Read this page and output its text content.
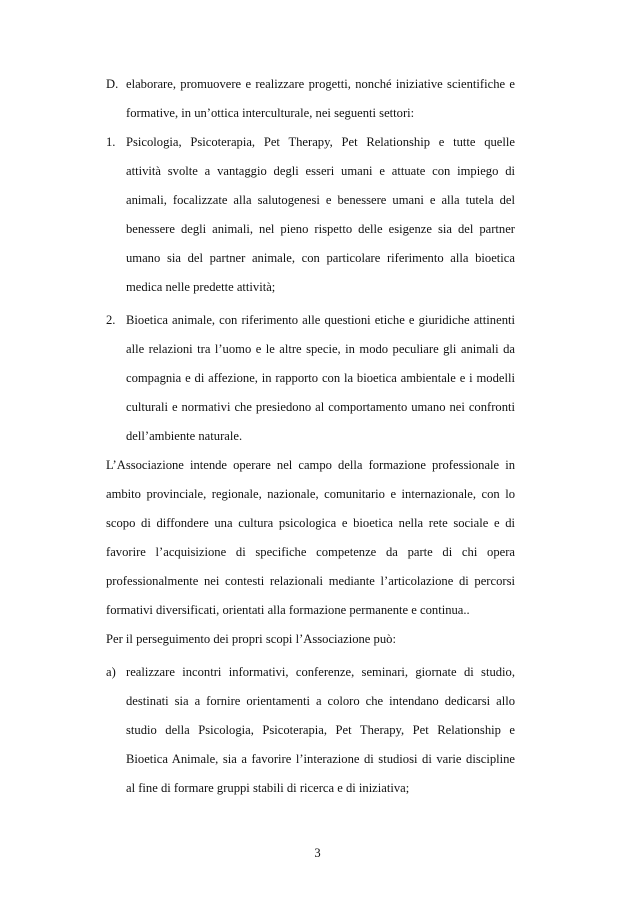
D. elaborare, promuovere e realizzare progetti, nonché iniziative scientifiche e
formative, in un’ottica interculturale, nei seguenti settori:
1. Psicologia, Psicoterapia, Pet Therapy, Pet Relationship e tutte quelle
attività svolte a vantaggio degli esseri umani e attuate con impiego di
animali, focalizzate alla salutogenesi e benessere umani e alla tutela del
benessere degli animali, nel pieno rispetto delle esigenze sia del partner
umano sia del partner animale, con particolare riferimento alla bioetica
medica nelle predette attività;
2. Bioetica animale, con riferimento alle questioni etiche e giuridiche attinenti
alle relazioni tra l’uomo e le altre specie, in modo peculiare gli animali da
compagnia e di affezione, in rapporto con la bioetica ambientale e i modelli
culturali e normativi che presiedono al comportamento umano nei confronti
dell’ambiente naturale.
L’Associazione intende operare nel campo della formazione professionale in
ambito provinciale, regionale, nazionale, comunitario e internazionale, con lo
scopo di diffondere una cultura psicologica e bioetica nella rete sociale e di
favorire l’acquisizione di specifiche competenze da parte di chi opera
professionalmente nei contesti relazionali mediante l’articolazione di percorsi
formativi diversificati, orientati alla formazione permanente e continua..
Per il perseguimento dei propri scopi l’Associazione può:
a) realizzare incontri informativi, conferenze, seminari, giornate di studio,
destinati sia a fornire orientamenti a coloro che intendano dedicarsi allo
studio della Psicologia, Psicoterapia, Pet Therapy, Pet Relationship e
Bioetica Animale, sia a favorire l’interazione di studiosi di varie discipline
al fine di formare gruppi stabili di ricerca e di iniziativa;
3
